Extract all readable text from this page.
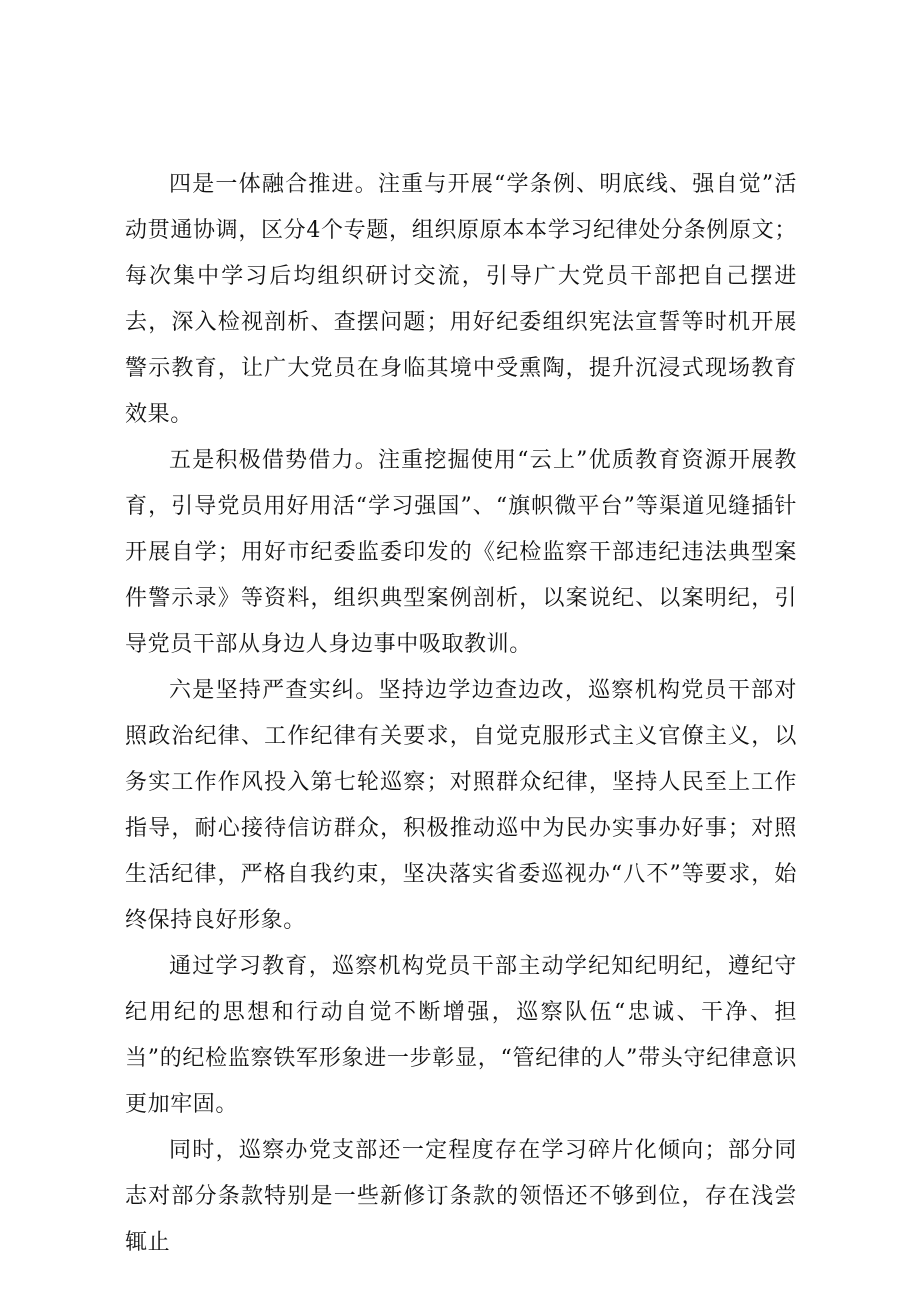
四是一体融合推进。注重与开展“学条例、明底线、强自觉”活动贯通协调，区分4个专题，组织原原本本学习纪律处分条例原文；每次集中学习后均组织研讨交流，引导广大党员干部把自己摆进去，深入检视剖析、查摆问题；用好纪委组织宪法宣誓等时机开展警示教育，让广大党员在身临其境中受熏陶，提升沉浸式现场教育效果。

五是积极借势借力。注重挖掘使用“云上”优质教育资源开展教育，引导党员用好用活“学习强国”、“旗帜微平台”等渠道见缝插针开展自学；用好市纪委监委印发的《纪检监察干部违纪违法典型案件警示录》等资料，组织典型案例剖析，以案说纪、以案明纪，引导党员干部从身边人身边事中吸取教训。

六是坚持严查实纠。坚持边学边查边改，巡察机构党员干部对照政治纪律、工作纪律有关要求，自觉克服形式主义官僚主义，以务实工作作风投入第七轮巡察；对照群众纪律，坚持人民至上工作指导，耐心接待信访群众，积极推动巡中为民办实事办好事；对照生活纪律，严格自我约束，坚决落实省委巡视办“八不”等要求，始终保持良好形象。

通过学习教育，巡察机构党员干部主动学纪知纪明纪，遵纪守纪用纪的思想和行动自觉不断增强，巡察队伍“忠诚、干净、担当”的纪检监察铁军形象进一步彰显，“管纪律的人”带头守纪律意识更加牢固。

同时，巡察办党支部还一定程度存在学习碎片化倾向；部分同志对部分条款特别是一些新修订条款的领悟还不够到位，存在浅尝辄止
